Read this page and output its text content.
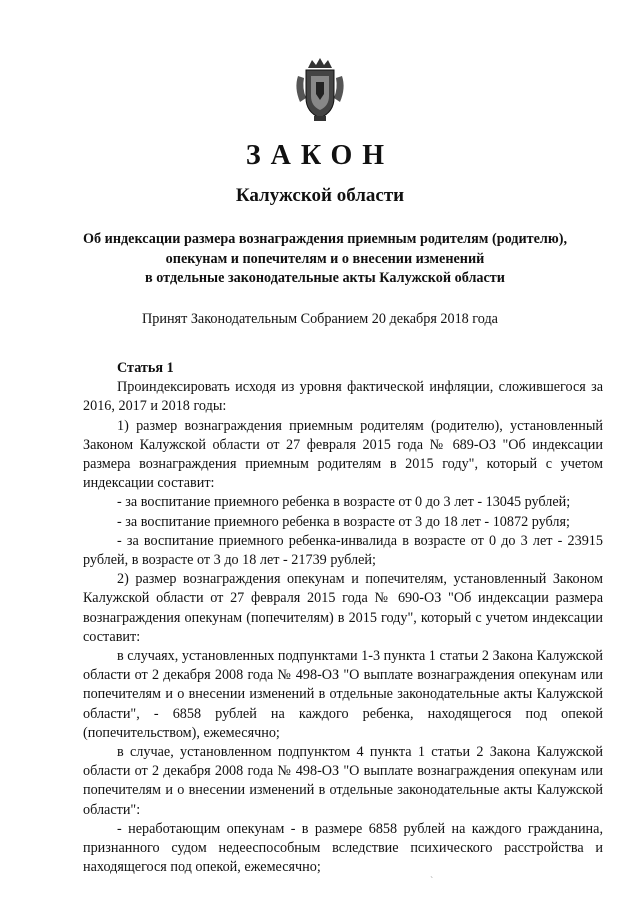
ЗАКОН
Калужской области
Об индексации размера вознаграждения приемным родителям (родителю),
опекунам и попечителям и о внесении изменений
в отдельные законодательные акты Калужской области
Принят Законодательным Собранием 20 декабря 2018 года
Статья 1

Проиндексировать исходя из уровня фактической инфляции, сложившегося за 2016, 2017 и 2018 годы:

1) размер вознаграждения приемным родителям (родителю), установленный Законом Калужской области от 27 февраля 2015 года № 689-ОЗ "Об индексации размера вознаграждения приемным родителям в 2015 году", который с учетом индексации составит:

- за воспитание приемного ребенка в возрасте от 0 до 3 лет - 13045 рублей;

- за воспитание приемного ребенка в возрасте от 3 до 18 лет - 10872 рубля;

- за воспитание приемного ребенка-инвалида в возрасте от 0 до 3 лет - 23915 рублей, в возрасте от 3 до 18 лет - 21739 рублей;

2) размер вознаграждения опекунам и попечителям, установленный Законом Калужской области от 27 февраля 2015 года № 690-ОЗ "Об индексации размера вознаграждения опекунам (попечителям) в 2015 году", который с учетом индексации составит:

в случаях, установленных подпунктами 1-3 пункта 1 статьи 2 Закона Калужской области от 2 декабря 2008 года № 498-ОЗ "О выплате вознаграждения опекунам или попечителям и о внесении изменений в отдельные законодательные акты Калужской области", - 6858 рублей на каждого ребенка, находящегося под опекой (попечительством), ежемесячно;

в случае, установленном подпунктом 4 пункта 1 статьи 2 Закона Калужской области от 2 декабря 2008 года № 498-ОЗ "О выплате вознаграждения опекунам или попечителям и о внесении изменений в отдельные законодательные акты Калужской области":

- неработающим опекунам - в размере 6858 рублей на каждого гражданина, признанного судом недееспособным вследствие психического расстройства и находящегося под опекой, ежемесячно;

`
